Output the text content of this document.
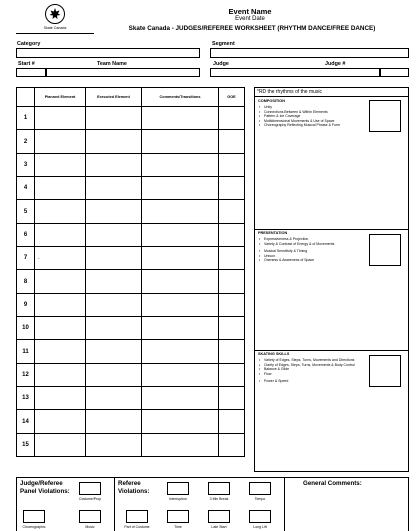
Skate Canada
Event Name
Event Date
Skate Canada - JUDGES/REFEREE WORKSHEET (RHYTHM DANCE/FREE DANCE)
Category	Segment
Start #	Team Name	Judge	Judge #
	Planned Element	Executed Element	Comments/Transitions	GOE
1				
2				
3				
4				
5				
6				
7	.			
8				
9				
10				
11				
12				
13				
14				
15				
*RD the rhythms of the music
COMPOSITION
• Unity
• Connections Between & Within Elements
• Pattern & Ice Coverage
• Multidimensional Movements & Use of Space
• Choreography Reflecting Musical Phrase & Form
PRESENTATION
• Expressiveness & Projection
• Variety & Contrast of Energy & of Movements
• Musical Sensitivity & Timing
• Unison
• Oneness & Awareness of Space
SKATING SKILLS
• Variety of Edges, Steps, Turns, Movements and Directions
• Clarity of Edges, Steps, Turns, Movements & Body Control
• Balance & Glide
• Flow
• Power & Speed
Judge/Referee
Panel Violations:
Costume/Prop
Choreographic	Music
Referee
Violations:
Interruption	3 Min Break	Tempo
Part of Costume	Time	Late Start	Long Lift
General Comments:
